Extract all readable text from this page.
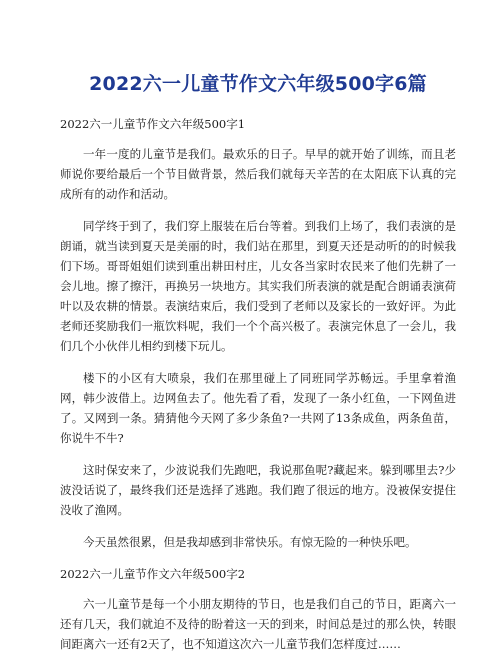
2022六一儿童节作文六年级500字6篇

2022六一儿童节作文六年级500字1

一年一度的儿童节是我们。最欢乐的日子。早早的就开始了训练，而且老师说你要给最后一个节目做背景，然后我们就每天辛苦的在太阳底下认真的完成所有的动作和活动。

同学终于到了，我们穿上服装在后台等着。到我们上场了，我们表演的是朗诵，就当读到夏天是美丽的时，我们站在那里，到夏天还是动听的的时候我们下场。哥哥姐姐们读到重出耕田村庄，儿女各当家时农民来了他们先耕了一会儿地。擦了擦汗，再换另一块地方。其实我们所表演的就是配合朗诵表演荷叶以及农耕的情景。表演结束后，我们受到了老师以及家长的一致好评。为此老师还奖励我们一瓶饮料呢，我们一个个高兴极了。表演完休息了一会儿，我们几个小伙伴儿相约到楼下玩儿。

楼下的小区有大喷泉，我们在那里碰上了同班同学苏畅远。手里拿着渔网，韩少波借上。边网鱼去了。他先看了看，发现了一条小红鱼，一下网鱼进了。又网到一条。猜猜他今天网了多少条鱼?一共网了13条成鱼，两条鱼苗，你说牛不牛?

这时保安来了，少波说我们先跑吧，我说那鱼呢?藏起来。躲到哪里去?少波没话说了，最终我们还是选择了逃跑。我们跑了很远的地方。没被保安提住没收了渔网。

今天虽然很累，但是我却感到非常快乐。有惊无险的一种快乐吧。

2022六一儿童节作文六年级500字2

六一儿童节是每一个小朋友期待的节日，也是我们自己的节日，距离六一还有几天，我们就迫不及待的盼着这一天的到来，时间总是过的那么快，转眼间距离六一还有2天了，也不知道这次六一儿童节我们怎样度过……
